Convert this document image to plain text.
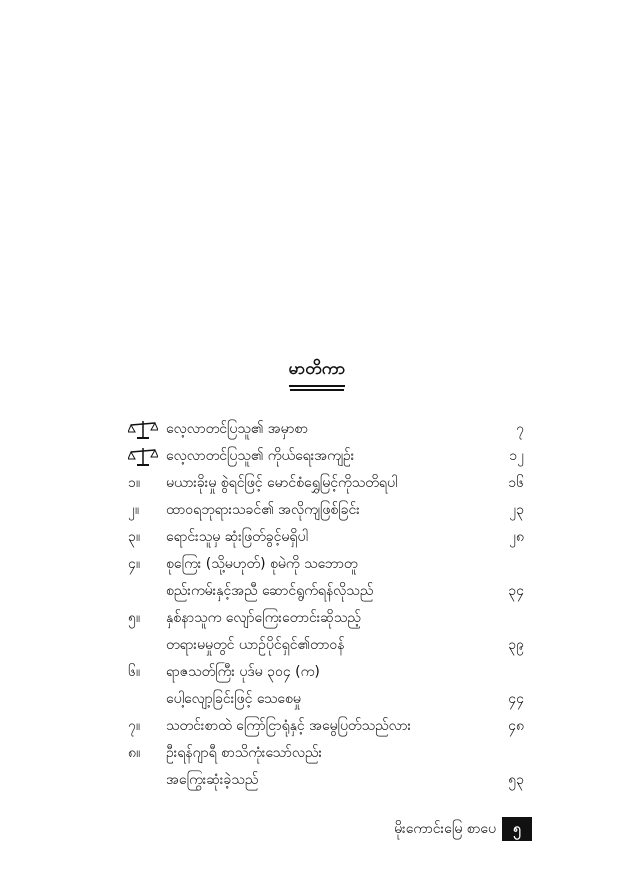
မာတိကာ
လေ့လာတင်ပြသူ၏ အမှာစာ	၇
လေ့လာတင်ပြသူ၏ ကိုယ်ရေးအကျဉ်း	၁၂
၁။	မယားခိုးမှု စွဲရင်ဖြင့် မောင်စံရွှေမြင့်ကိုသတိရပါ	၁၆
၂။	ထာဝရဘုရားသခင်၏ အလိုကျဖြစ်ခြင်း	၂၃
၃။	ရောင်းသူမှ ဆုံးဖြတ်ခွင့်မရှိပါ	၂၈
၄။	စုကြေး (သို့မဟုတ်) စုမဲကို သဘောတူ
စည်းကမ်းနှင့်အညီ ဆောင်ရွက်ရန်လိုသည်	၃၄
၅။	နှစ်နာသူက လျော်ကြေးတောင်းဆိုသည့်
တရားမမှုတွင် ယာဉ်ပိုင်ရှင်၏တာဝန်	၃၉
၆။	ရာဇသတ်ကြီး ပုဒ်မ ၃၀၄ (က)
ပေါ့လျော့ခြင်းဖြင့် သေစေမှု	၄၄
၇။	သတင်းစာထဲ ကြော်ငြာရုံနှင့် အမွေပြတ်သည်လား	၄၈
၈။	ဦးရန်ဂျာရီ စာသိကုံးသော်လည်း
အကြွေးဆုံးခဲ့သည်	၅၃
မိုးကောင်းမြေ စာပေ	၅
